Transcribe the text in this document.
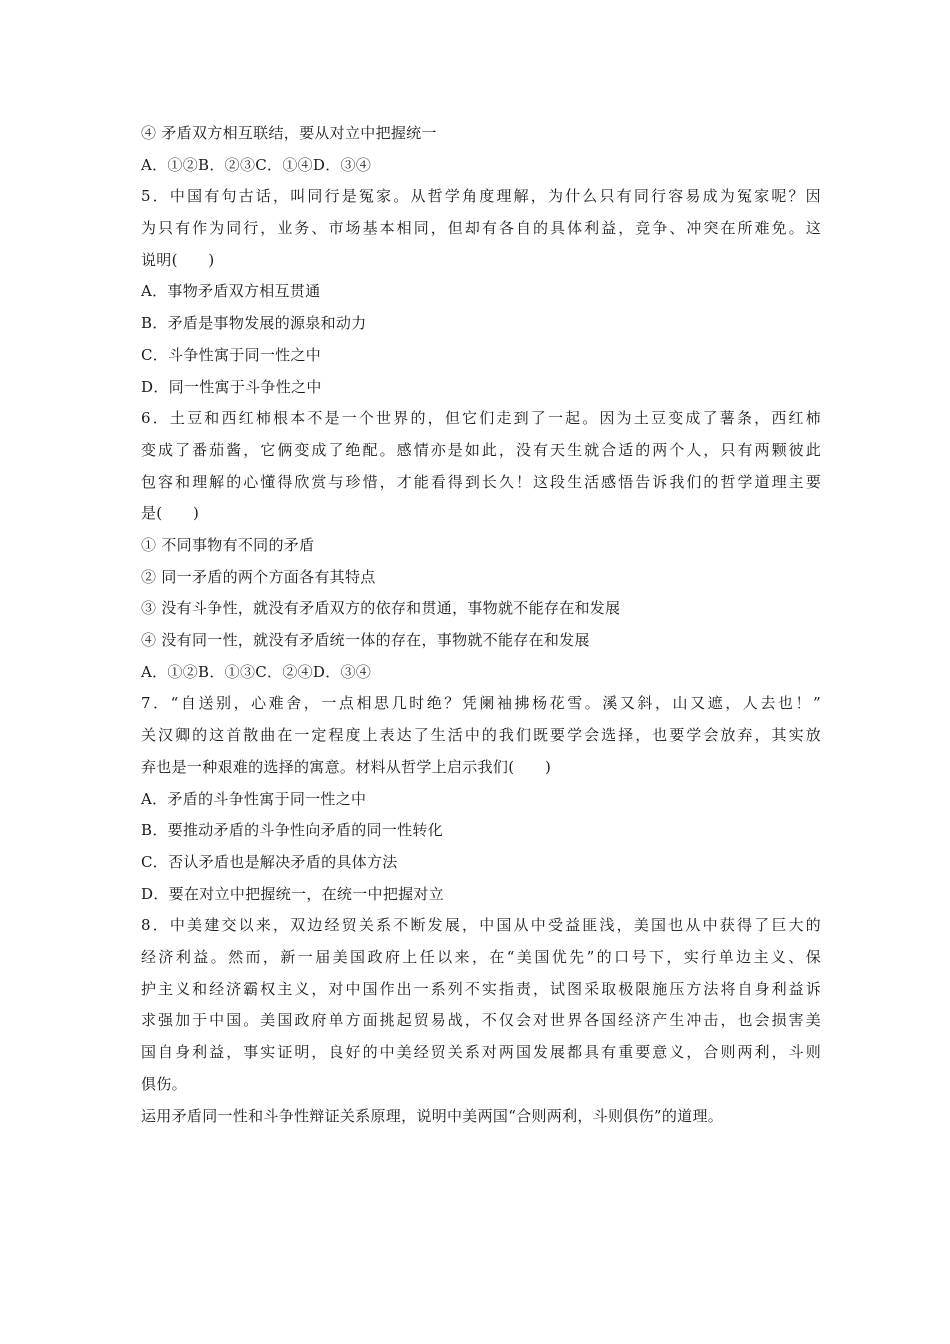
④ 矛盾双方相互联结，要从对立中把握统一
A．①②B．②③C．①④D．③④
5．中国有句古话，叫同行是冤家。从哲学角度理解，为什么只有同行容易成为冤家呢？因
为只有作为同行，业务、市场基本相同，但却有各自的具体利益，竞争、冲突在所难免。这
说明(　　)
A．事物矛盾双方相互贯通
B．矛盾是事物发展的源泉和动力
C．斗争性寓于同一性之中
D．同一性寓于斗争性之中
6．土豆和西红柿根本不是一个世界的，但它们走到了一起。因为土豆变成了薯条，西红柿
变成了番茄酱，它俩变成了绝配。感情亦是如此，没有天生就合适的两个人，只有两颗彼此
包容和理解的心懂得欣赏与珍惜，才能看得到长久！这段生活感悟告诉我们的哲学道理主要
是(　　)
① 不同事物有不同的矛盾
② 同一矛盾的两个方面各有其特点
③ 没有斗争性，就没有矛盾双方的依存和贯通，事物就不能存在和发展
④ 没有同一性，就没有矛盾统一体的存在，事物就不能存在和发展
A．①②B．①③C．②④D．③④
7．“自送别，心难舍，一点相思几时绝？凭阑袖拂杨花雪。溪又斜，山又遮，人去也！”
关汉卿的这首散曲在一定程度上表达了生活中的我们既要学会选择，也要学会放弃，其实放
弃也是一种艰难的选择的寓意。材料从哲学上启示我们(　　)
A．矛盾的斗争性寓于同一性之中
B．要推动矛盾的斗争性向矛盾的同一性转化
C．否认矛盾也是解决矛盾的具体方法
D．要在对立中把握统一，在统一中把握对立
8．中美建交以来，双边经贸关系不断发展，中国从中受益匪浅，美国也从中获得了巨大的
经济利益。然而，新一届美国政府上任以来，在“美国优先”的口号下，实行单边主义、保
护主义和经济霸权主义，对中国作出一系列不实指责，试图采取极限施压方法将自身利益诉
求强加于中国。美国政府单方面挑起贸易战，不仅会对世界各国经济产生冲击，也会损害美
国自身利益，事实证明，良好的中美经贸关系对两国发展都具有重要意义，合则两利，斗则
俱伤。
运用矛盾同一性和斗争性辩证关系原理，说明中美两国“合则两利，斗则俱伤”的道理。
